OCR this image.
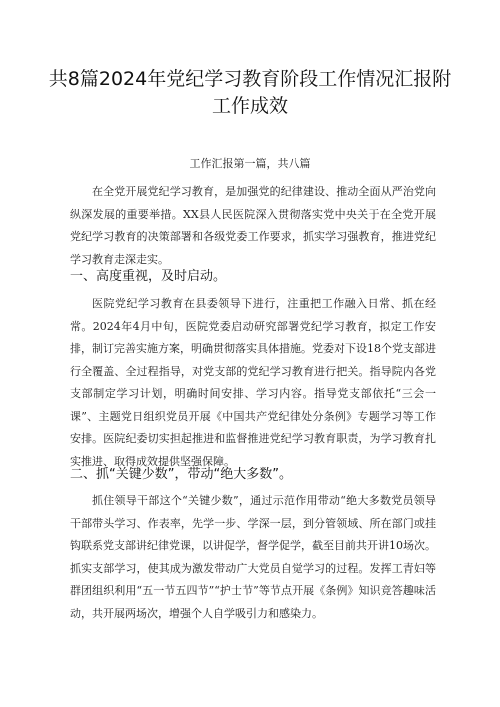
共8篇2024年党纪学习教育阶段工作情况汇报附工作成效
工作汇报第一篇，共八篇
在全党开展党纪学习教育，是加强党的纪律建设、推动全面从严治党向纵深发展的重要举措。XX县人民医院深入贯彻落实党中央关于在全党开展党纪学习教育的决策部署和各级党委工作要求，抓实学习强教育，推进党纪学习教育走深走实。
一、高度重视，及时启动。
医院党纪学习教育在县委领导下进行，注重把工作融入日常、抓在经常。2024年4月中旬，医院党委启动研究部署党纪学习教育，拟定工作安排，制订完善实施方案，明确贯彻落实具体措施。党委对下设18个党支部进行全覆盖、全过程指导，对党支部的党纪学习教育进行把关。指导院内各党支部制定学习计划，明确时间安排、学习内容。指导党支部依托“三会一课”、主题党日组织党员开展《中国共产党纪律处分条例》专题学习等工作安排。医院纪委切实担起推进和监督推进党纪学习教育职责，为学习教育扎实推进、取得成效提供坚强保障。
二、抓“关键少数”，带动“绝大多数”。
抓住领导干部这个“关键少数”，通过示范作用带动“绝大多数党员领导干部带头学习、作表率，先学一步、学深一层，到分管领域、所在部门或挂钩联系党支部讲纪律党课，以讲促学，督学促学，截至目前共开讲10场次。抓实支部学习，使其成为激发带动广大党员自觉学习的过程。发挥工青妇等群团组织利用“五一节五四节”“护士节”等节点开展《条例》知识竞答趣味活动，共开展两场次，增强个人自学吸引力和感染力。
